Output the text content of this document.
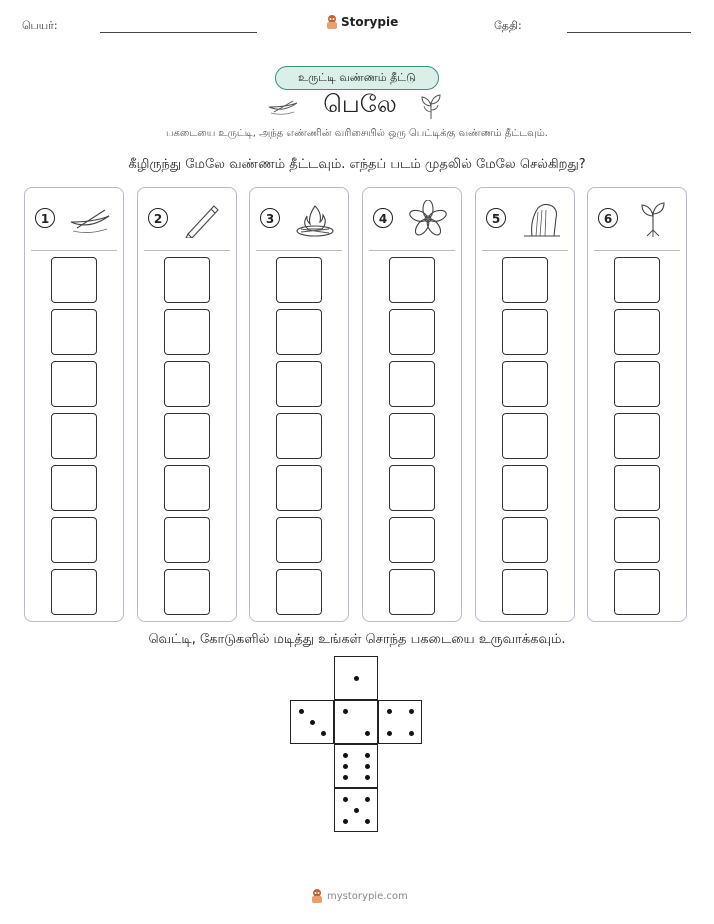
பெயர்:	Storypie	தேதி:
உருட்டி வண்ணம் தீட்டு
பெலே
பகடையை உருட்டி, அந்த எண்ணின் வரிசையில் ஒரு பெட்டிக்கு வண்ணம் தீட்டவும்.
கீழிருந்து மேலே வண்ணம் தீட்டவும். எந்தப் படம் முதலில் மேலே செல்கிறது?
1	2	3	4	5	6
வெட்டி, கோடுகளில் மடித்து உங்கள் சொந்த பகடையை உருவாக்கவும்.
mystorypie.com
